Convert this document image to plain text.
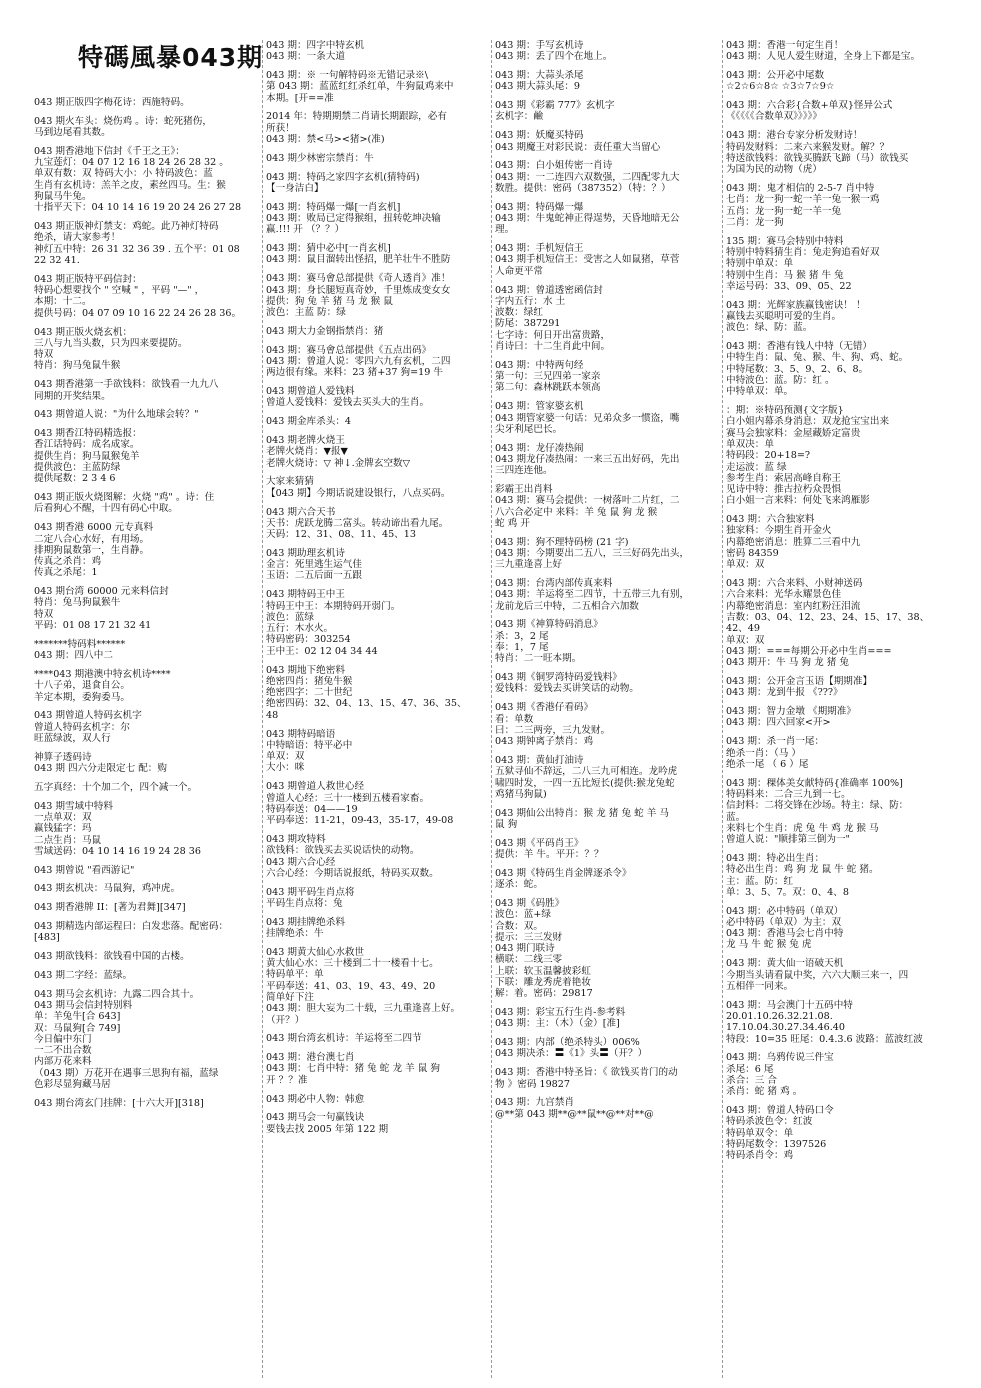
特碼風暴043期
043 期正版四字梅花诗：西施特码。
043 期火车头：烧伤鸡 。诗：蛇死猪伤，
马到边尾看其数。
043 期香港地下信封《千王之王》：
九宝莲灯：04 07 12 16 18 24 26 28 32 。
单双有数：双 特码大小：小 特码波色：蓝
生肖有玄机诗：羔羊之皮，素丝四马。生：猴
狗鼠马牛兔。
十指平天下：04 10 14 16 19 20 24 26 27 28
043 期正版神灯禁支：鸡蛇。此乃神灯特码
绝杀，请大家参考！
神灯五中特：26 31 32 36 39 . 五个平：01 08
22 32 41.
043 期正版特平码信封：
特码心想要找个 " 空喊 " ，平码 "—" ，
本期：十二。
提供号码：04 07 09 10 16 22 24 26 28 36。
043 期正版火烧玄机：
三八与九当头数，只为四来要提防。
特双
特肖：狗马兔鼠牛猴
043 期香港第一手欲钱料：欲钱看一九九八
同期的开奖结果。
043 期曾道人说："为什么地球会转？"
043 期香江特码精选报：
香江话特码：成名成家。
提供生肖：狗马鼠猴兔羊
提供波色：主蓝防绿
提供尾数：2 3 4 6
043 期正版火烧图解：火烧 "鸡" 。诗：住
后看狗心不醒，十四有码心中取。
043 期香港 6000 元专真料
二定八合心水好，有用场。
排期狗鼠数第一，生肖静。
传真之杀肖：鸡
传真之杀尾：1
043 期台湾 60000 元来料信封
特肖：兔马狗鼠猴牛
特双
平码：01 08 17 21 32 41
*******特码料******
043 期：四八中二
****043 期港澳中特玄机诗****
十八子弟，退食自公。
羊定本期，委狗委马。
043 期曾道人特码玄机字
曾道人特码玄机字：尔
旺蓝绿波，双人行
神算子透码诗
043 期 四六分走限定七 配：购
五字真经：十个加二个，四个减一个。
043 期雪域中特料
一点单双：双
赢钱猛字：玛
二点生肖：马鼠
雪域送码：04 10 14 16 19 24 28 36
043 期曾说 "看西游记"
043 期玄机决：马鼠狗，鸡冲虎。
043 期香港牌 II：[著为君舞][347]
043 期精选内部运程曰：白发悲落。配密码：
[483]
043 期欲钱料：欲钱看中国的古楼。
043 期二字经：蓝绿。
043 期马会玄机诗：九露二四合其十。
043 期马会信封特别料
单：羊兔牛[合 643]
双：马鼠狗[合 749]
今日偏中东门
一二不出合数
内部万花来料
（043 期）万花开在遇事三思狗有福，蓝绿
色彩尽显狗藏马居
043 期台湾玄门挂牌：[十六大开][318]
043 期：四字中特玄机
043 期：一条大道
043 期：※ 一句解特码※无错记录※\
第 043 期：蓝蓝红红杀红单，牛狗鼠鸡来中
本期。[开==准
2014 年：特期期禁二肖请长期跟踪，必有
所获！
043 期：禁<马><猪>(准)
043 期少林密宗禁肖：牛
043 期：特码之家四字玄机(猜特码)
【一身洁白】
043 期：特码爆一爆[一肖玄机]
043 期：败局已定得猴组，扭转乾坤决输
赢.!!! 开 （？？）
043 期：猜中必中[一肖玄机]
043 期：鼠目溜转出怪招，肥羊壮牛不胜防
043 期：赛马會总部提供《奇人透肖》准！
043 期：身长腿短真奇妙，千里炼成变女女
提供：狗 兔 羊 猪 马 龙 猴 鼠
波色：主蓝 防：绿
043 期大力金钢指禁肖：猪
043 期：赛马會总部提供《五点出码》
043 期：曾道人说：零四六九有玄机，二四
两边很有缘。来料：23 猪+37 狗=19 牛
043 期曾道人爱钱料
曾道人爱钱料：爱钱去买头大的生肖。
043 期金库杀头：4
043 期老牌火烧王
老牌火烧肖：▼报▼
老牌火烧诗：▽ 神↓.金牌玄空数▽
大家来猜猜
【043 期】今期话说建设银行，八点买码。
043 期六合天书
天书：虎跃龙腾二富头。转动谛出看九尾。
天码：12、31、08、11、45、13
043 期助理玄机诗
金言：死里逃生运气佳
玉语：二五后面一五跟
043 期特码王中王
特码王中王：本期特码开弱门。
波色：蓝绿
五行：木水火。
特码密码：303254
王中王：02 12 04 34 44
043 期地下绝密料
绝密四肖：猪兔牛猴
绝密四字：二十世纪
绝密四码：32、04、13、15、47、36、35、
48
043 期特码暗语
中特暗语：特平必中
单双：双
大小：咪
043 期曾道人救世心经
曾道人心经：三十一楼到五楼看家畜。
特码奉送：04——19
平码奉送：11-21，09-43，35-17，49-08
043 期攻特料
欲钱料：欲钱买去买说话快的动物。
043 期六合心经
六合心经：今期话说报纸，特码买双数。
043 期平码生肖点将
平码生肖点将：兔
043 期挂牌绝杀料
挂牌绝杀：牛
043 期黄大仙心水救世
黄大仙心水：三十楼到二十一楼看十七。
特码单平：单
平码奉送：41、03、19、43、49、20
简单好下注
043 期：胆大妄为二十载，三九重逢喜上好。
（开？）
043 期台湾玄机诗：羊运将至二四节
043 期：港台澳七肖
043 期：七肖中特：猪 兔 蛇 龙 羊 鼠 狗
开 ？？准
043 期必中人物：韩愈
043 期马会一句赢钱诀
要钱去找 2005 年第 122 期
043 期：手写玄机诗
043 期：丢了四个在地上。
043 期：大蒜头杀尾
043 期大蒜头尾：9
043 期《彩霸 777》玄机字
玄机字：鹼
043 期：妖魔买特码
043 期魔王对彩民说：责任重大当留心
043 期：白小姐传密一肖诗
043 期：一二连四六双数强，二四配零九大
数胜。提供：密码（387352）（特：？）
043 期：特码爆一爆
043 期：牛鬼蛇神正得逞势，天昏地暗无公
理。
043 期：手机短信王
043 期手机短信王：受害之人如鼠猪，草菅
人命更平常
043 期：曾道透密函信封
字内五行：水 土
波数：绿红
防尾：387291
七字诗：何日开出富贵路，
肖诗曰：十二生肖此中间。
043 期：中特两句经
第一句：三兄四弟一家亲
第二句：森林跳跃本领高
043 期：管家婆玄机
043 期管家婆一句话：兄弟众多一惯盗，嘴
尖牙利尾巴长。
043 期：龙仔凑热闹
043 期龙仔凑热闹：一来三五出好码，先出
三四连连他。
彩霸王出肖料
043 期：赛马会提供：一树落叶二片红，二
八六合必定中 来料：羊 兔 鼠 狗 龙 猴
蛇 鸡 开
043 期：狗不理特码榜 (21 字)
043 期：今期要出二五八，三三好码先出头，
三九重逢喜上好
043 期：台湾内部传真来料
043 期：羊运将至二四节，十五带三九有别，
龙前龙后三中特，二五相合六加数
043 期《神算特码消息》
杀：3，2 尾
奉：1，7 尾
特肖：二一旺本期。
043 期《铜罗湾特码爱钱料》
爱钱料：爱钱去买讲笑话的动物。
043 期《香港仔看码》
看：单数
曰：二三两旁，三九发财。
043 期钟离子禁肖：鸡
043 期：黄仙打油诗
五狱寻仙不辞远，二八三九可相连。龙吟虎
啸四时发，一四一五比短长(提供:猴龙兔蛇
鸡猪马狗鼠)
043 期仙公出特肖：猴 龙 猪 兔 蛇 羊 马
鼠 狗
043 期《平码肖王》
提供：羊 牛。平开：？？
043 期《特码生肖金牌逐杀令》
逐杀：蛇。
043 期《码胜》
波色：蓝+绿
合数：双。
提示：三三发财
043 期门联诗
横联：二线三零
上联：软玉温馨披彩虹
下联：雕龙秀虎着艳妆
解：着。密码：29817
043 期：彩宝五行生肖-参考料
043 期：主：（木）（金）[准]
043 期：内部（绝杀特头）006%
043 期决杀：〓《1》头〓（开？）
043 期：香港中特圣旨：《 欲钱买肯门的动
物 》密码 19827
043 期：九宫禁肖
@**第 043 期**@**鼠**@**对**@
043 期：香港一句定生肖！
043 期：人见人爱生财道，全身上下都是宝。
043 期：公开必中尾数
☆2☆6☆8☆ ☆3☆7☆9☆
043 期：六合彩{合数+单双}怪异公式
《《《《《合数单双》》》》》
043 期：港台专家分析发财诗！
特码发财料：二来六来猴发财。解？？
特送欲钱料：欲钱买腾跃飞蹄（马）欲钱买
为国为民的动物（虎）
043 期：鬼才相信的 2-5-7 肖中特
七肖：龙一狗一蛇一羊一兔一猴一鸡
五肖：龙一狗一蛇一羊一兔
二肖：龙一狗
135 期：赛马会特别中特料
特别中特料猜生肖：兔走狗追看好双
特别中单双：单
特别中生肖：马 猴 猪 牛 兔
幸运号码：33、09、05、22
043 期：光辉家族赢钱密诀！ ！
赢钱去买聪明可爱的生肖。
波色：绿、防：蓝。
043 期：香港有钱人中特（无错）
中特生肖：鼠、兔、猴、牛、狗、鸡、蛇。
中特尾数：3、5、9、2、6、8。
中特波色：蓝。防：红 。
中特单双：单。
：期：※特码预测{文字版}
白小姐内幕杀身消息：双龙抢宝宝出来
赛马会独家料：金屋藏娇定富贵
单双决：单
特码段：20+18=?
走运波：蓝 绿
参考生肖：索居高峰自称王
见诗中特：推古拉朽众畏惧
白小姐一言来料：何处飞来鸿雁影
043 期：六合独家料
独家料：今期生肖开金火
内幕绝密消息：胜算二三看中九
密码 84359
单双：双
043 期：六合来料、小财神送码
六合来料：光华永耀景色佳
内幕绝密消息：室内红粉汪泪流
吉数：03、04、12、23、24、15、17、38、
42、49
单双：双
043 期：===每期公开必中生肖===
043 期开：牛 马 狗 龙 猪 兔
043 期：公开金言玉语【期期准】
043 期：龙到牛报 《???》
043 期：智力金墩 《期期准》
043 期：四六回家<开>
043 期：杀一肖一尾：
绝杀一肖：（马 ）
绝杀一尾 （ 6 ）尾
043 期：稞体美女献特码{准确率 100%]
特码料来：二合三九到一七。
信封料：二将交锋在沙场。特主：绿、防：
蓝。
来料七个生肖：虎 兔 牛 鸡 龙 猴 马
曾道人说："顺排第三倒为一"
043 期：特必出生肖：
特必出生肖：鸡 狗 龙 鼠 牛 蛇 猪。
主：蓝。防：红
单：3、5、7。双：0、4、8
043 期：必中特码（单双）
必中特码（单双）为主：双
043 期：香港马会七肖中特
龙 马 牛 蛇 猴 兔 虎
043 期：黄大仙一语破天机
今期当头请看鼠中奖，六六大顺三来一，四
五相伴一同来。
043 期：马会澳门十五码中特
20.01.10.26.32.21.08.
17.10.04.30.27.34.46.40
特段：10=35 旺尾：0.4.3.6 波路：蓝波红波
043 期：乌鸦传说三件宝
杀尾：6 尾
杀合：三 合
杀肖：蛇 猪 鸡 。
043 期：曾道人特码口令
特码杀波色令：红波
特码单双令：单
特码尾数令：1397526
特码杀肖令：鸡
